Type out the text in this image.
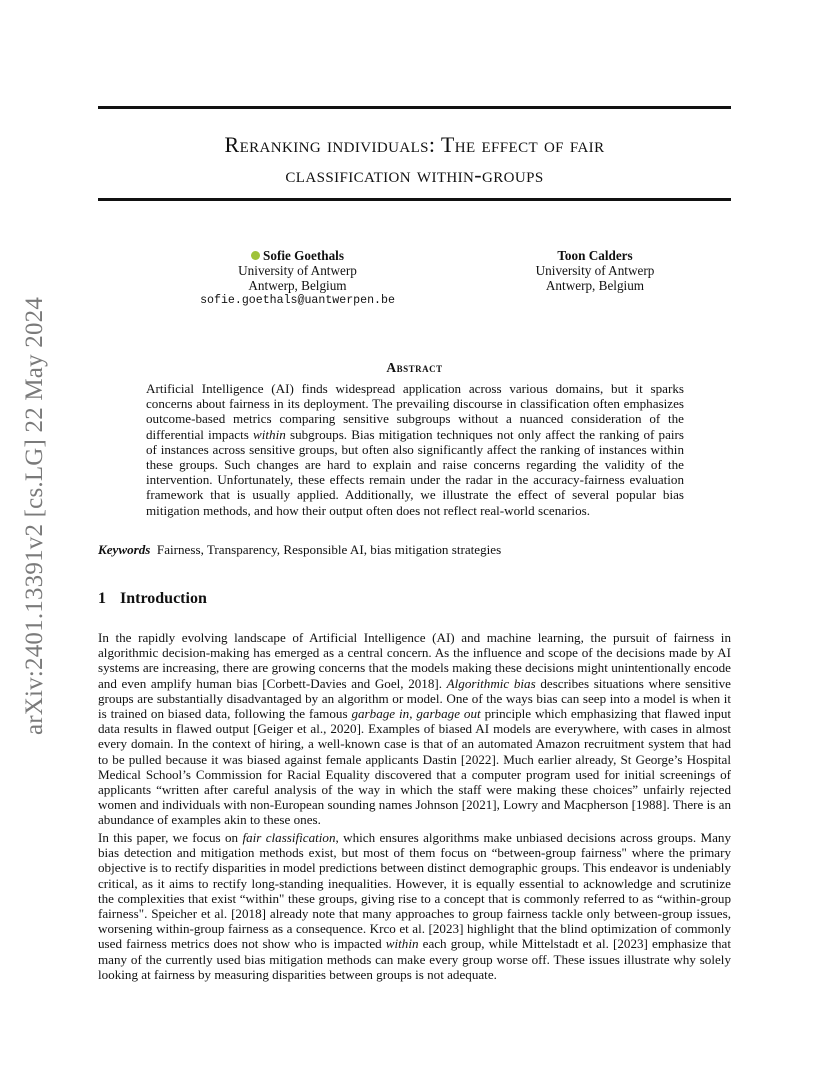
arXiv:2401.13391v2 [cs.LG] 22 May 2024
Reranking individuals: The effect of fair
classification within-groups
Sofie Goethals
University of Antwerp
Antwerp, Belgium
sofie.goethals@uantwerpen.be
Toon Calders
University of Antwerp
Antwerp, Belgium
Abstract

Artificial Intelligence (AI) finds widespread application across various domains, but it sparks concerns about fairness in its deployment. The prevailing discourse in classification often emphasizes outcome-based metrics comparing sensitive subgroups without a nuanced consideration of the differential impacts within subgroups. Bias mitigation techniques not only affect the ranking of pairs of instances across sensitive groups, but often also significantly affect the ranking of instances within these groups. Such changes are hard to explain and raise concerns regarding the validity of the intervention. Unfortunately, these effects remain under the radar in the accuracy-fairness evaluation framework that is usually applied. Additionally, we illustrate the effect of several popular bias mitigation methods, and how their output often does not reflect real-world scenarios.

Keywords Fairness, Transparency, Responsible AI, bias mitigation strategies
1 Introduction

In the rapidly evolving landscape of Artificial Intelligence (AI) and machine learning, the pursuit of fairness in algorithmic decision-making has emerged as a central concern. As the influence and scope of the decisions made by AI systems are increasing, there are growing concerns that the models making these decisions might unintentionally encode and even amplify human bias [Corbett-Davies and Goel, 2018]. Algorithmic bias describes situations where sensitive groups are substantially disadvantaged by an algorithm or model. One of the ways bias can seep into a model is when it is trained on biased data, following the famous garbage in, garbage out principle which emphasizing that flawed input data results in flawed output [Geiger et al., 2020]. Examples of biased AI models are everywhere, with cases in almost every domain. In the context of hiring, a well-known case is that of an automated Amazon recruitment system that had to be pulled because it was biased against female applicants Dastin [2022]. Much earlier already, St George’s Hospital Medical School’s Commission for Racial Equality discovered that a computer program used for initial screenings of applicants “written after careful analysis of the way in which the staff were making these choices” unfairly rejected women and individuals with non-European sounding names Johnson [2021], Lowry and Macpherson [1988]. There is an abundance of examples akin to these ones.

In this paper, we focus on fair classification, which ensures algorithms make unbiased decisions across groups. Many bias detection and mitigation methods exist, but most of them focus on “between-group fairness" where the primary objective is to rectify disparities in model predictions between distinct demographic groups. This endeavor is undeniably critical, as it aims to rectify long-standing inequalities. However, it is equally essential to acknowledge and scrutinize the complexities that exist “within" these groups, giving rise to a concept that is commonly referred to as “within-group fairness". Speicher et al. [2018] already note that many approaches to group fairness tackle only between-group issues, worsening within-group fairness as a consequence. Krco et al. [2023] highlight that the blind optimization of commonly used fairness metrics does not show who is impacted within each group, while Mittelstadt et al. [2023] emphasize that many of the currently used bias mitigation methods can make every group worse off. These issues illustrate why solely looking at fairness by measuring disparities between groups is not adequate.
